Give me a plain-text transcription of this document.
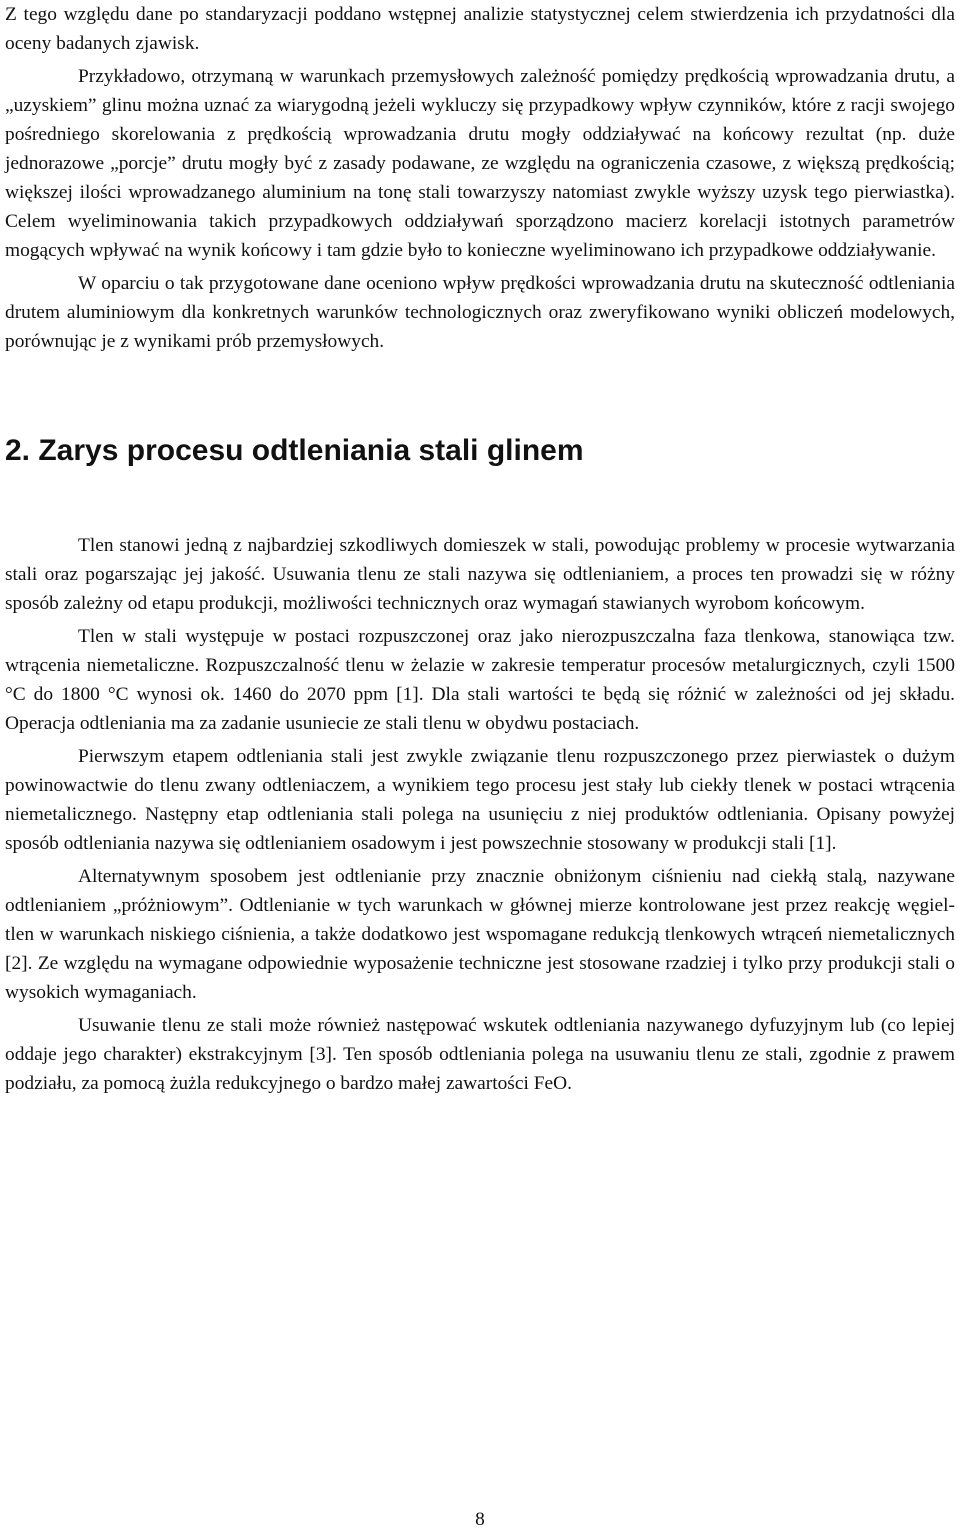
Z tego względu dane po standaryzacji poddano wstępnej analizie statystycznej celem stwierdzenia ich przydatności dla oceny badanych zjawisk.

Przykładowo, otrzymaną w warunkach przemysłowych zależność pomiędzy prędkością wprowadzania drutu, a „uzyskiem” glinu można uznać za wiarygodną jeżeli wykluczy się przypadkowy wpływ czynników, które z racji swojego pośredniego skorelowania z prędkością wprowadzania drutu mogły oddziaływać na końcowy rezultat (np. duże jednorazowe „porcje” drutu mogły być z zasady podawane, ze względu na ograniczenia czasowe, z większą prędkością; większej ilości wprowadzanego aluminium na tonę stali towarzyszy natomiast zwykle wyższy uzysk tego pierwiastka). Celem wyeliminowania takich przypadkowych oddziaływań sporządzono macierz korelacji istotnych parametrów mogących wpływać na wynik końcowy i tam gdzie było to konieczne wyeliminowano ich przypadkowe oddziaływanie.

W oparciu o tak przygotowane dane oceniono wpływ prędkości wprowadzania drutu na skuteczność odtleniania drutem aluminiowym dla konkretnych warunków technologicznych oraz zweryfikowano wyniki obliczeń modelowych, porównując je z wynikami prób przemysłowych.

2. Zarys procesu odtleniania stali glinem

Tlen stanowi jedną z najbardziej szkodliwych domieszek w stali, powodując problemy w procesie wytwarzania stali oraz pogarszając jej jakość. Usuwania tlenu ze stali nazywa się odtlenianiem, a proces ten prowadzi się w różny sposób zależny od etapu produkcji, możliwości technicznych oraz wymagań stawianych wyrobom końcowym.

Tlen w stali występuje w postaci rozpuszczonej oraz jako nierozpuszczalna faza tlenkowa, stanowiąca tzw. wtrącenia niemetaliczne. Rozpuszczalność tlenu w żelazie w zakresie temperatur procesów metalurgicznych, czyli 1500 °C do 1800 °C wynosi ok. 1460 do 2070 ppm [1]. Dla stali wartości te będą się różnić w zależności od jej składu. Operacja odtleniania ma za zadanie usuniecie ze stali tlenu w obydwu postaciach.

Pierwszym etapem odtleniania stali jest zwykle związanie tlenu rozpuszczonego przez pierwiastek o dużym powinowactwie do tlenu zwany odtleniaczem, a wynikiem tego procesu jest stały lub ciekły tlenek w postaci wtrącenia niemetalicznego. Następny etap odtleniania stali polega na usunięciu z niej produktów odtleniania. Opisany powyżej sposób odtleniania nazywa się odtlenianiem osadowym i jest powszechnie stosowany w produkcji stali [1].

Alternatywnym sposobem jest odtlenianie przy znacznie obniżonym ciśnieniu nad ciekłą stalą, nazywane odtlenianiem „próżniowym”. Odtlenianie w tych warunkach w głównej mierze kontrolowane jest przez reakcję węgiel-tlen w warunkach niskiego ciśnienia, a także dodatkowo jest wspomagane redukcją tlenkowych wtrąceń niemetalicznych [2]. Ze względu na wymagane odpowiednie wyposażenie techniczne jest stosowane rzadziej i tylko przy produkcji stali o wysokich wymaganiach.

Usuwanie tlenu ze stali może również następować wskutek odtleniania nazywanego dyfuzyjnym lub (co lepiej oddaje jego charakter) ekstrakcyjnym [3]. Ten sposób odtleniania polega na usuwaniu tlenu ze stali, zgodnie z prawem podziału, za pomocą żużla redukcyjnego o bardzo małej zawartości FeO.

8
